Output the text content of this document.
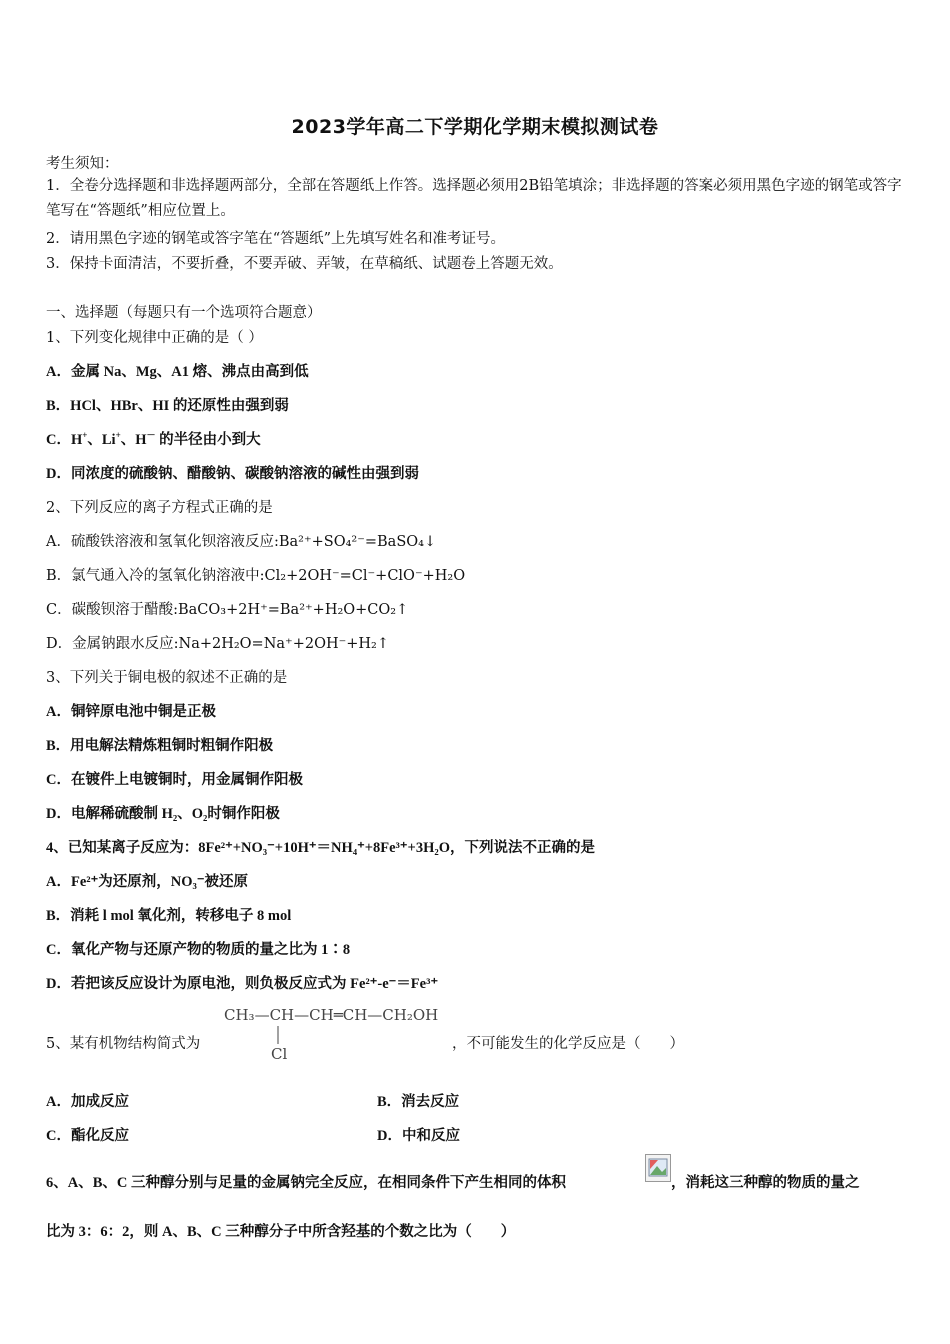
2023学年高二下学期化学期末模拟测试卷
考生须知：
1．全卷分选择题和非选择题两部分，全部在答题纸上作答。选择题必须用2B铅笔填涂；非选择题的答案必须用黑色字迹的钢笔或答字笔写在“答题纸”相应位置上。
2．请用黑色字迹的钢笔或答字笔在“答题纸”上先填写姓名和准考证号。
3．保持卡面清洁，不要折叠，不要弄破、弄皱，在草稿纸、试题卷上答题无效。
一、选择题（每题只有一个选项符合题意）
1、下列变化规律中正确的是（ ）
A．金属 Na、Mg、A1 熔、沸点由高到低
B．HCl、HBr、HI 的还原性由强到弱
C．H+、Li+、H－ 的半径由小到大
D．同浓度的硫酸钠、醋酸钠、碳酸钠溶液的碱性由强到弱
2、下列反应的离子方程式正确的是
A．硫酸铁溶液和氢氧化钡溶液反应:Ba²⁺+SO₄²⁻=BaSO₄↓
B．氯气通入冷的氢氧化钠溶液中:Cl₂+2OH⁻=Cl⁻+ClO⁻+H₂O
C．碳酸钡溶于醋酸:BaCO₃+2H⁺=Ba²⁺+H₂O+CO₂↑
D．金属钠跟水反应:Na+2H₂O=Na⁺+2OH⁻+H₂↑
3、下列关于铜电极的叙述不正确的是
A．铜锌原电池中铜是正极
B．用电解法精炼粗铜时粗铜作阳极
C．在镀件上电镀铜时，用金属铜作阳极
D．电解稀硫酸制 H₂、O₂时铜作阳极
4、已知某离子反应为：8Fe²⁺+NO₃⁻+10H⁺＝NH₄⁺+8Fe³⁺+3H₂O，下列说法不正确的是
A．Fe²⁺为还原剂，NO₃⁻被还原
B．消耗 l mol 氧化剂，转移电子 8 mol
C．氧化产物与还原产物的物质的量之比为 1∶8
D．若把该反应设计为原电池，则负极反应式为 Fe²⁺-e⁻＝Fe³⁺
5、某有机物结构简式为
CH₃—CH—CH═CH—CH₂OH
Cl
，不可能发生的化学反应是（　　）
A．加成反应	B．消去反应
C．酯化反应	D．中和反应
6、A、B、C 三种醇分别与足量的金属钠完全反应，在相同条件下产生相同的体积	，消耗这三种醇的物质的量之
比为 3：6：2，则 A、B、C 三种醇分子中所含羟基的个数之比为（　　）
